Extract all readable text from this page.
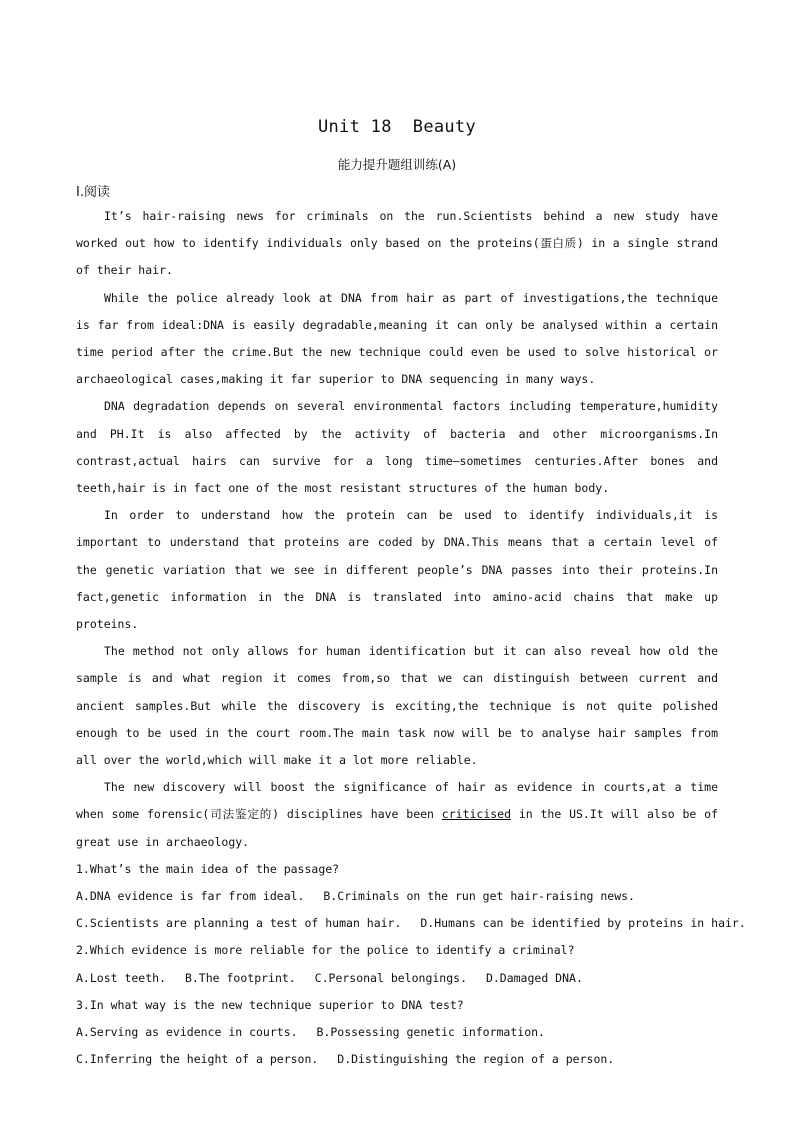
Unit 18  Beauty
能力提升题组训练(A)
Ⅰ.阅读

It’s hair-raising news for criminals on the run.Scientists behind a new study have worked out how to identify individuals only based on the proteins(蛋白质) in a single strand of their hair.

While the police already look at DNA from hair as part of investigations,the technique is far from ideal:DNA is easily degradable,meaning it can only be analysed within a certain time period after the crime.But the new technique could even be used to solve historical or archaeological cases,making it far superior to DNA sequencing in many ways.

DNA degradation depends on several environmental factors including temperature,humidity and PH.It is also affected by the activity of bacteria and other microorganisms.In contrast,actual hairs can survive for a long time—sometimes centuries.After bones and teeth,hair is in fact one of the most resistant structures of the human body.

In order to understand how the protein can be used to identify individuals,it is important to understand that proteins are coded by DNA.This means that a certain level of the genetic variation that we see in different people’s DNA passes into their proteins.In fact,genetic information in the DNA is translated into amino-acid chains that make up proteins.

The method not only allows for human identification but it can also reveal how old the sample is and what region it comes from,so that we can distinguish between current and ancient samples.But while the discovery is exciting,the technique is not quite polished enough to be used in the court room.The main task now will be to analyse hair samples from all over the world,which will make it a lot more reliable.

The new discovery will boost the significance of hair as evidence in courts,at a time when some forensic(司法鉴定的) disciplines have been criticised in the US.It will also be of great use in archaeology.

1.What’s the main idea of the passage?

A.DNA evidence is far from ideal. B.Criminals on the run get hair-raising news.
C.Scientists are planning a test of human hair. D.Humans can be identified by proteins in hair.

2.Which evidence is more reliable for the police to identify a criminal?

A.Lost teeth. B.The footprint. C.Personal belongings. D.Damaged DNA.

3.In what way is the new technique superior to DNA test?

A.Serving as evidence in courts. B.Possessing genetic information.
C.Inferring the height of a person. D.Distinguishing the region of a person.
